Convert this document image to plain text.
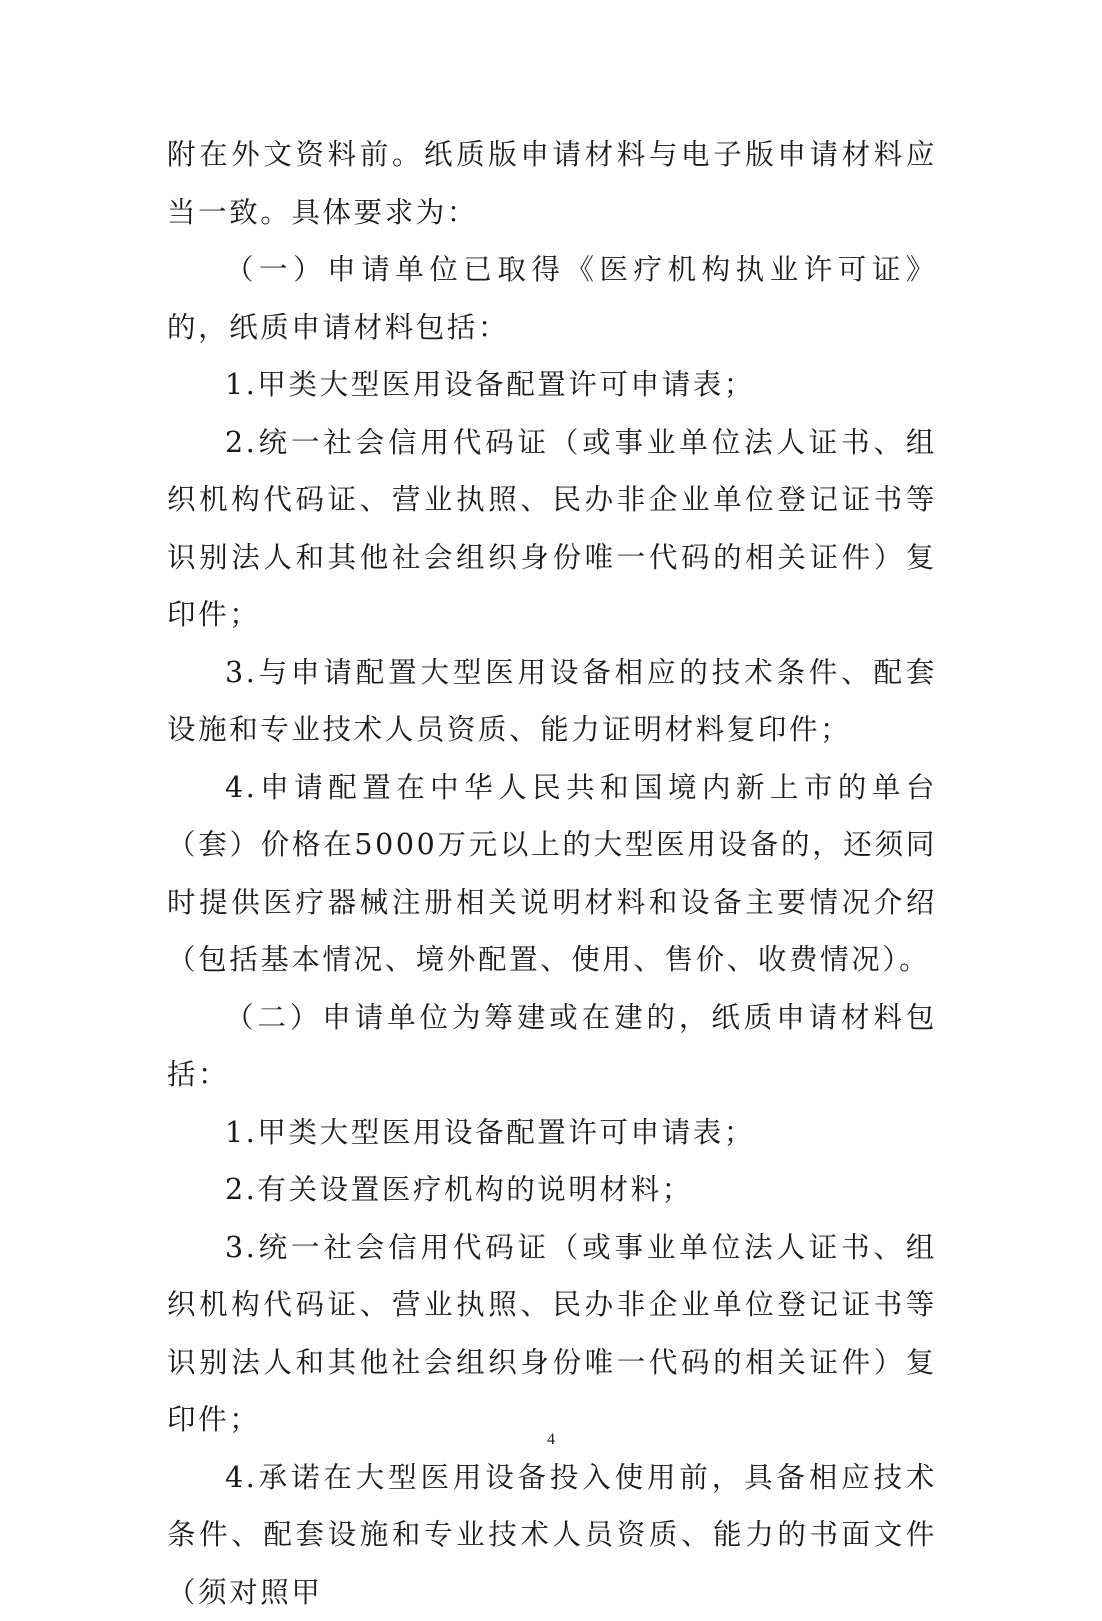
附在外文资料前。纸质版申请材料与电子版申请材料应当一致。具体要求为：

（一）申请单位已取得《医疗机构执业许可证》的，纸质申请材料包括：

1.甲类大型医用设备配置许可申请表；

2.统一社会信用代码证（或事业单位法人证书、组织机构代码证、营业执照、民办非企业单位登记证书等识别法人和其他社会组织身份唯一代码的相关证件）复印件；

3.与申请配置大型医用设备相应的技术条件、配套设施和专业技术人员资质、能力证明材料复印件；

4.申请配置在中华人民共和国境内新上市的单台（套）价格在5000万元以上的大型医用设备的，还须同时提供医疗器械注册相关说明材料和设备主要情况介绍（包括基本情况、境外配置、使用、售价、收费情况）。

（二）申请单位为筹建或在建的，纸质申请材料包括：

1.甲类大型医用设备配置许可申请表；

2.有关设置医疗机构的说明材料；

3.统一社会信用代码证（或事业单位法人证书、组织机构代码证、营业执照、民办非企业单位登记证书等识别法人和其他社会组织身份唯一代码的相关证件）复印件；

4.承诺在大型医用设备投入使用前，具备相应技术条件、配套设施和专业技术人员资质、能力的书面文件（须对照甲

4
